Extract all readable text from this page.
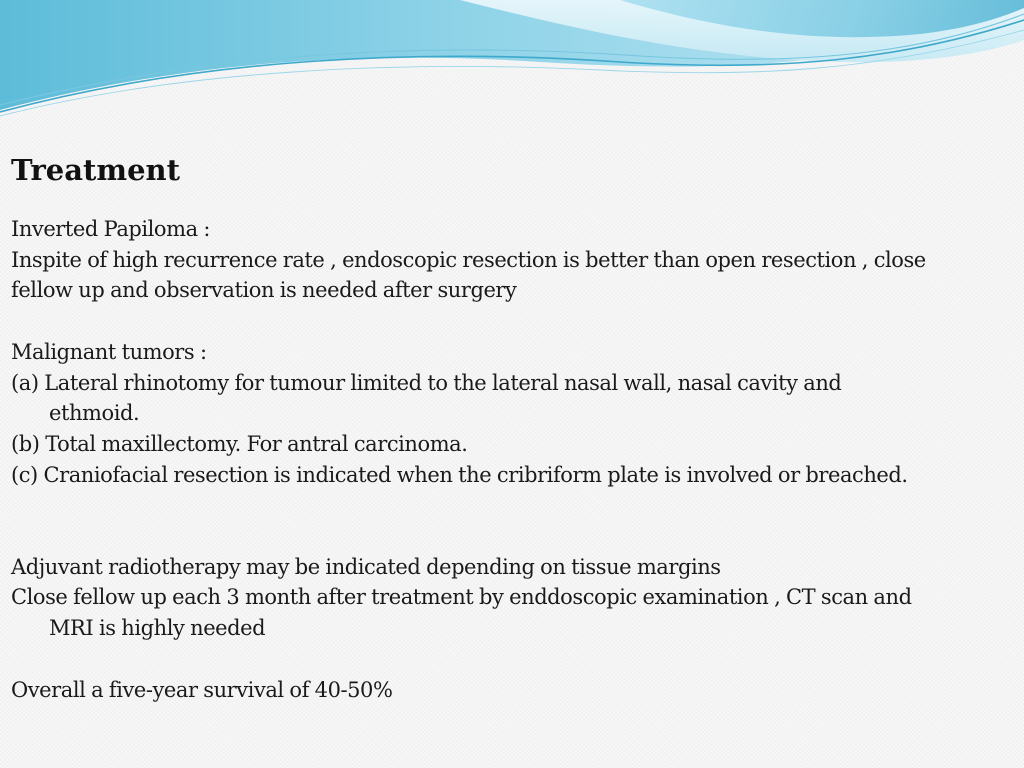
Treatment
Inverted Papiloma :
Inspite of high recurrence rate , endoscopic resection is better than open resection , close
fellow up and observation is needed after surgery
Malignant tumors :
(a) Lateral rhinotomy for tumour limited to the lateral nasal wall, nasal cavity and
ethmoid.
(b) Total maxillectomy. For antral carcinoma.
(c) Craniofacial resection is indicated when the cribriform plate is involved or breached.
Adjuvant radiotherapy may be indicated depending on tissue margins
Close fellow up each 3 month after treatment by enddoscopic examination , CT scan and
MRI is highly needed
Overall a five-year survival of 40-50%
